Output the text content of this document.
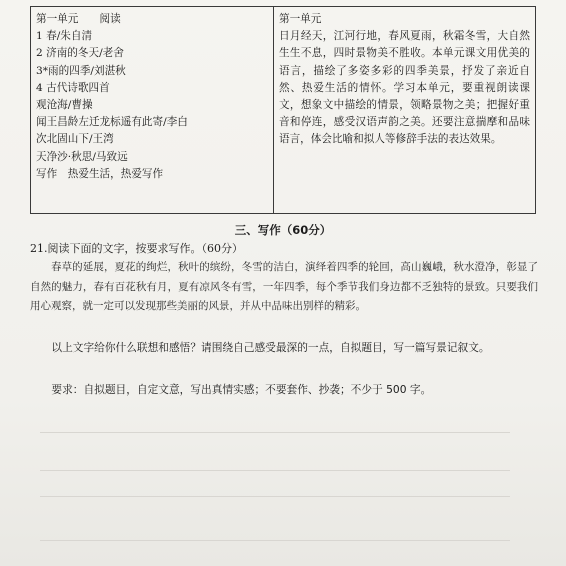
第一单元　　阅读
1 春/朱自清
2 济南的冬天/老舍
3*雨的四季/刘湛秋
4 古代诗歌四首
观沧海/曹操
闻王昌龄左迁龙标遥有此寄/李白
次北固山下/王湾
天净沙·秋思/马致远
写作　热爱生活，热爱写作

第一单元
日月经天，江河行地，春风夏雨，秋霜冬雪，大自然生生不息，四时景物美不胜收。本单元课文用优美的语言，描绘了多姿多彩的四季美景，抒发了亲近自然、热爱生活的情怀。学习本单元，要重视朗读课文，想象文中描绘的情景，领略景物之美；把握好重音和停连，感受汉语声韵之美。还要注意揣摩和品味语言，体会比喻和拟人等修辞手法的表达效果。
三、写作（60分）
21.阅读下面的文字，按要求写作。（60分）
春草的延展，夏花的绚烂，秋叶的缤纷，冬雪的洁白，演绎着四季的轮回，高山巍峨，秋水澄净，彰显了自然的魅力，春有百花秋有月，夏有凉风冬有雪，一年四季，每个季节我们身边都不乏独特的景致。只要我们用心观察，就一定可以发现那些美丽的风景，并从中品味出别样的精彩。
以上文字给你什么联想和感悟？请围绕自己感受最深的一点，自拟题目，写一篇写景记叙文。
要求：自拟题目，自定文意，写出真情实感；不要套作、抄袭；不少于 500 字。
